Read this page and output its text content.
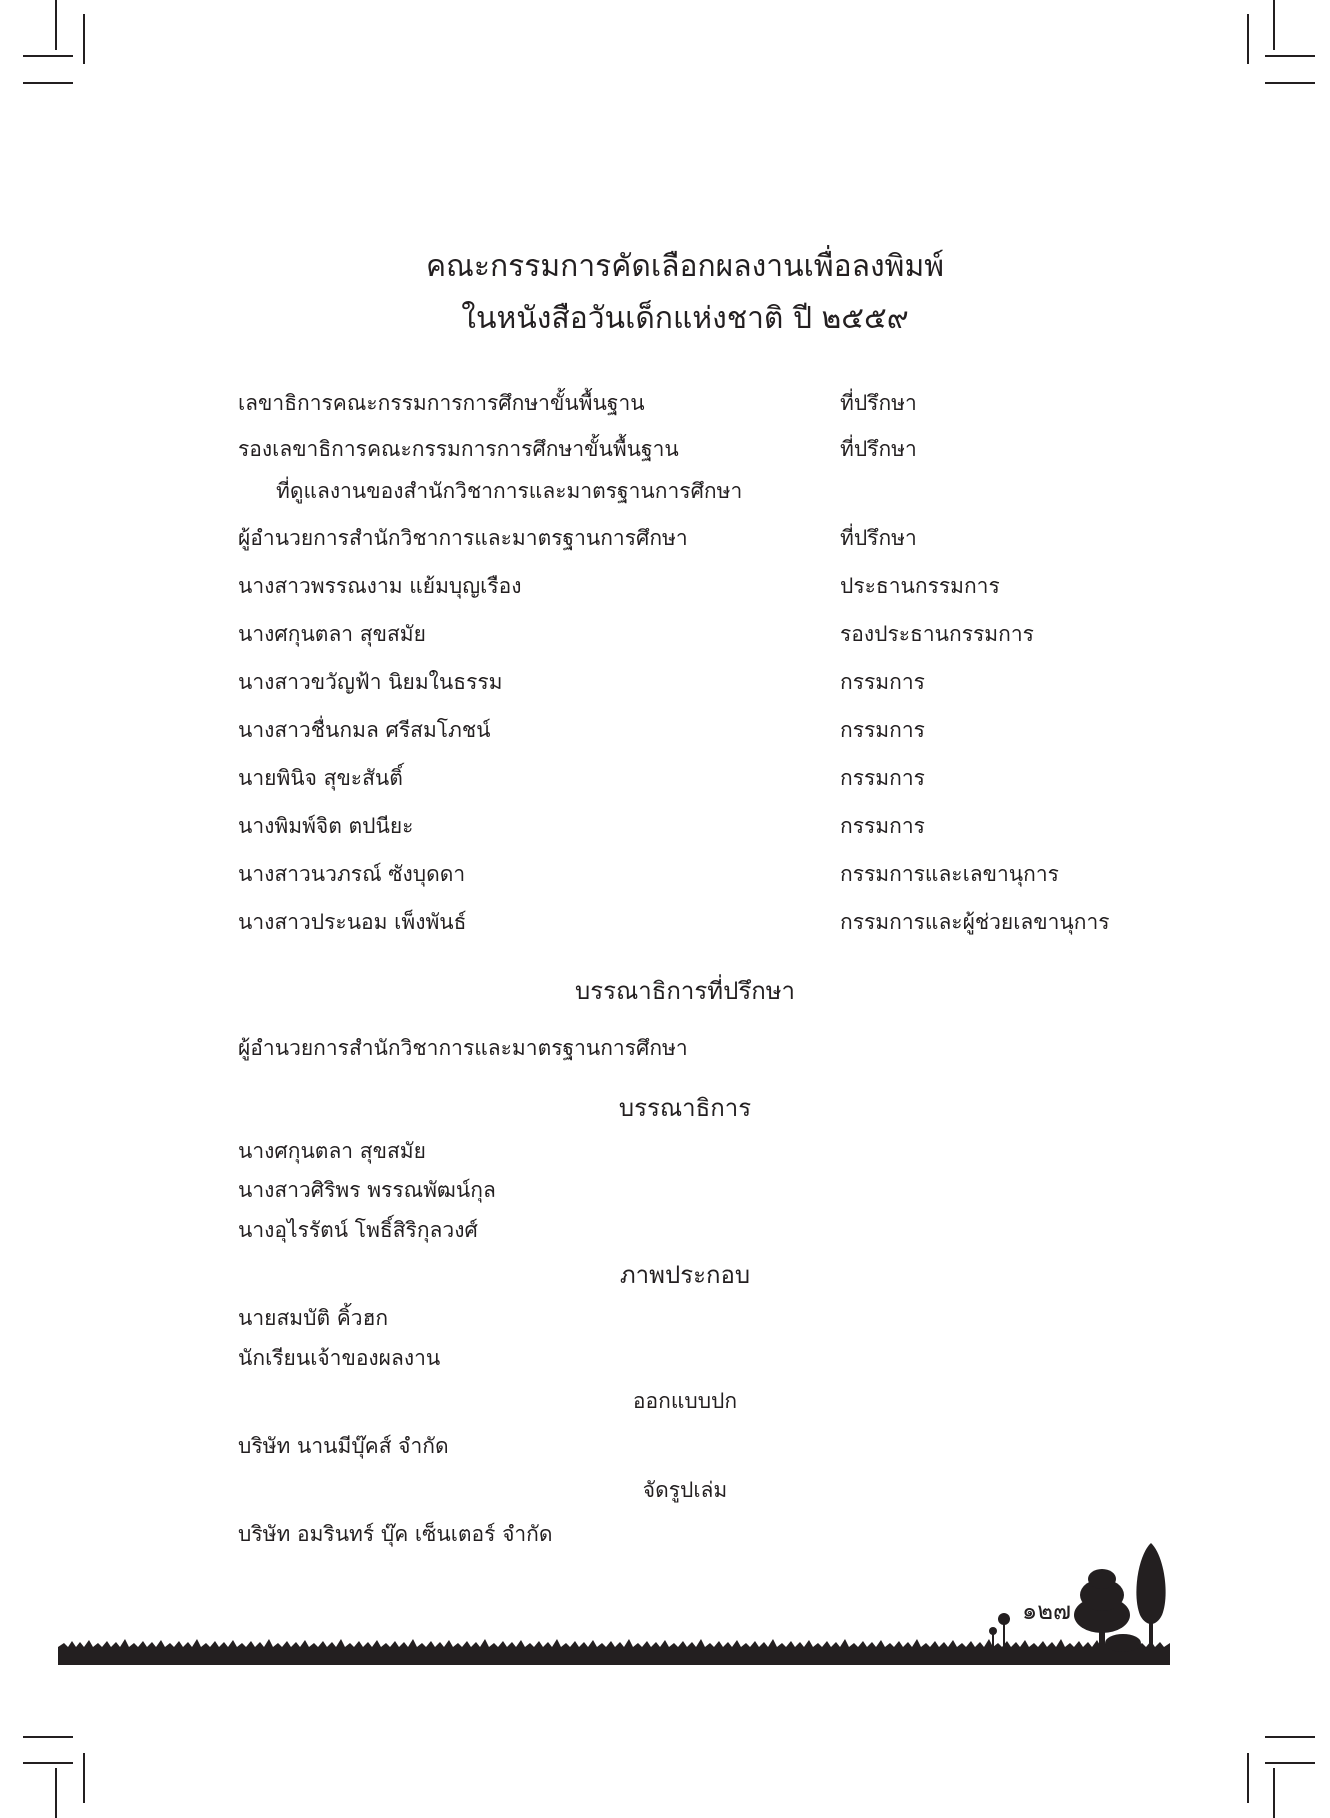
คณะกรรมการคัดเลือกผลงานเพื่อลงพิมพ์
ในหนังสือวันเด็กแห่งชาติ ปี ๒๕๕๙
เลขาธิการคณะกรรมการการศึกษาขั้นพื้นฐาน	ที่ปรึกษา
รองเลขาธิการคณะกรรมการการศึกษาขั้นพื้นฐาน	ที่ปรึกษา
ที่ดูแลงานของสำนักวิชาการและมาตรฐานการศึกษา
ผู้อำนวยการสำนักวิชาการและมาตรฐานการศึกษา	ที่ปรึกษา
นางสาวพรรณงาม แย้มบุญเรือง	ประธานกรรมการ
นางศกุนตลา สุขสมัย	รองประธานกรรมการ
นางสาวขวัญฟ้า นิยมในธรรม	กรรมการ
นางสาวชื่นกมล ศรีสมโภชน์	กรรมการ
นายพินิจ สุขะสันติ์	กรรมการ
นางพิมพ์จิต ตปนียะ	กรรมการ
นางสาวนวภรณ์ ซังบุดดา	กรรมการและเลขานุการ
นางสาวประนอม เพ็งพันธ์	กรรมการและผู้ช่วยเลขานุการ
บรรณาธิการที่ปรึกษา
ผู้อำนวยการสำนักวิชาการและมาตรฐานการศึกษา
บรรณาธิการ
นางศกุนตลา สุขสมัย
นางสาวศิริพร พรรณพัฒน์กุล
นางอุไรรัตน์ โพธิ์สิริกุลวงศ์
ภาพประกอบ
นายสมบัติ คิ้วฮก
นักเรียนเจ้าของผลงาน
ออกแบบปก
บริษัท นานมีบุ๊คส์ จำกัด
จัดรูปเล่ม
บริษัท อมรินทร์ บุ๊ค เซ็นเตอร์ จำกัด
๑๒๗
